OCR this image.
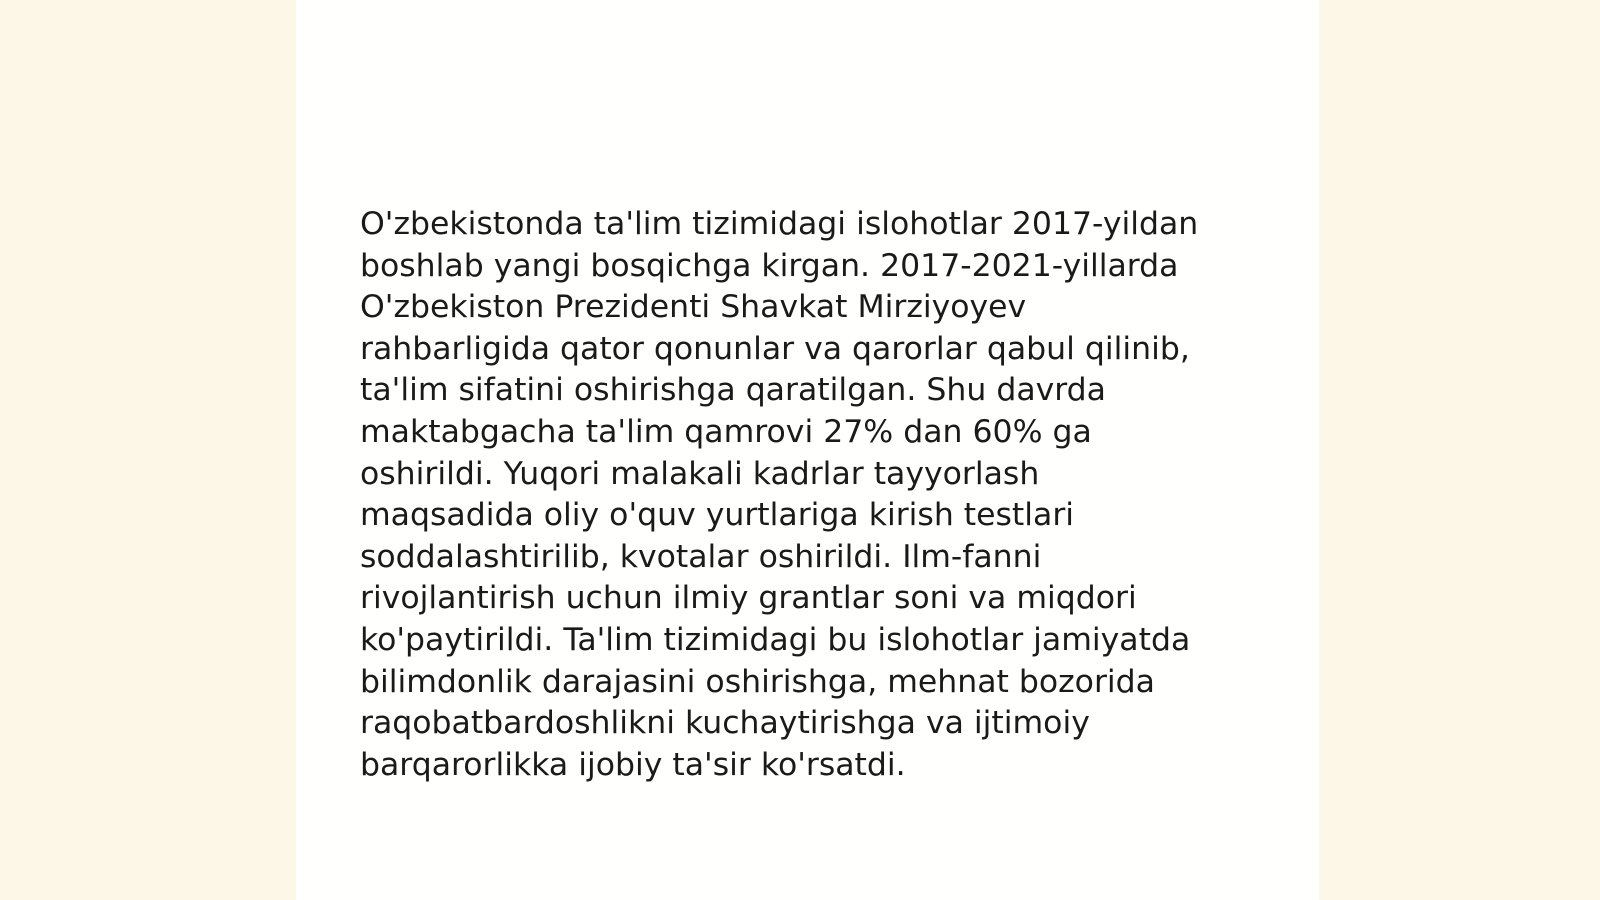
O'zbekistonda ta'lim tizimidagi islohotlar 2017-yildan
boshlab yangi bosqichga kirgan. 2017-2021-yillarda
O'zbekiston Prezidenti Shavkat Mirziyoyev
rahbarligida qator qonunlar va qarorlar qabul qilinib,
ta'lim sifatini oshirishga qaratilgan. Shu davrda
maktabgacha ta'lim qamrovi 27% dan 60% ga
oshirildi. Yuqori malakali kadrlar tayyorlash
maqsadida oliy o'quv yurtlariga kirish testlari
soddalashtirilib, kvotalar oshirildi. Ilm-fanni
rivojlantirish uchun ilmiy grantlar soni va miqdori
ko'paytirildi. Ta'lim tizimidagi bu islohotlar jamiyatda
bilimdonlik darajasini oshirishga, mehnat bozorida
raqobatbardoshlikni kuchaytirishga va ijtimoiy
barqarorlikka ijobiy ta'sir ko'rsatdi.
